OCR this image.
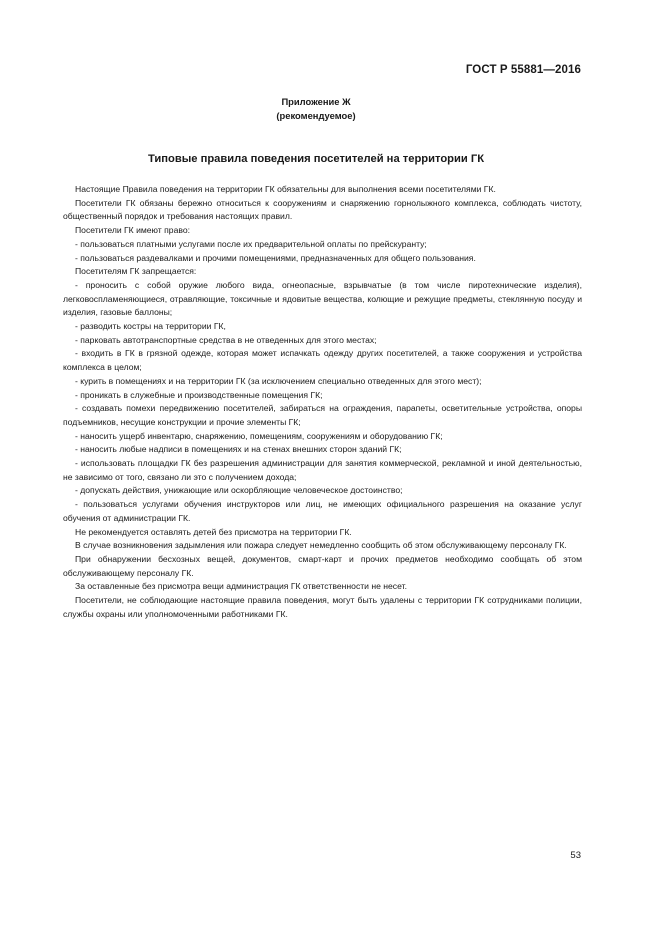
ГОСТ Р 55881—2016
Приложение Ж
(рекомендуемое)
Типовые правила поведения посетителей на территории ГК

Настоящие Правила поведения на территории ГК обязательны для выполнения всеми посетителями ГК.

Посетители ГК обязаны бережно относиться к сооружениям и снаряжению горнолыжного комплекса, соблюдать чистоту, общественный порядок и требования настоящих правил.

Посетители ГК имеют право:

- пользоваться платными услугами после их предварительной оплаты по прейскуранту;

- пользоваться раздевалками и прочими помещениями, предназначенных для общего пользования.

Посетителям ГК запрещается:

- проносить с собой оружие любого вида, огнеопасные, взрывчатые (в том числе пиротехнические изделия), легковоспламеняющиеся, отравляющие, токсичные и ядовитые вещества, колющие и режущие предметы, стеклянную посуду и изделия, газовые баллоны;

- разводить костры на территории ГК,

- парковать автотранспортные средства в не отведенных для этого местах;

- входить в ГК в грязной одежде, которая может испачкать одежду других посетителей, а также сооружения и устройства комплекса в целом;

- курить в помещениях и на территории ГК (за исключением специально отведенных для этого мест);

- проникать в служебные и производственные помещения ГК;

- создавать помехи передвижению посетителей, забираться на ограждения, парапеты, осветительные устройства, опоры подъемников, несущие конструкции и прочие элементы ГК;

- наносить ущерб инвентарю, снаряжению, помещениям, сооружениям и оборудованию ГК;

- наносить любые надписи в помещениях и на стенах внешних сторон зданий ГК;

- использовать площадки ГК без разрешения администрации для занятия коммерческой, рекламной и иной деятельностью, не зависимо от того, связано ли это с получением дохода;

- допускать действия, унижающие или оскорбляющие человеческое достоинство;

- пользоваться услугами обучения инструкторов или лиц, не имеющих официального разрешения на оказание услуг обучения от администрации ГК.

Не рекомендуется оставлять детей без присмотра на территории ГК.

В случае возникновения задымления или пожара следует немедленно сообщить об этом обслуживающему персоналу ГК.

При обнаружении бесхозных вещей, документов, смарт-карт и прочих предметов необходимо сообщать об этом обслуживающему персоналу ГК.

За оставленные без присмотра вещи администрация ГК ответственности не несет.

Посетители, не соблюдающие настоящие правила поведения, могут быть удалены с территории ГК сотрудниками полиции, службы охраны или уполномоченными работниками ГК.

53
